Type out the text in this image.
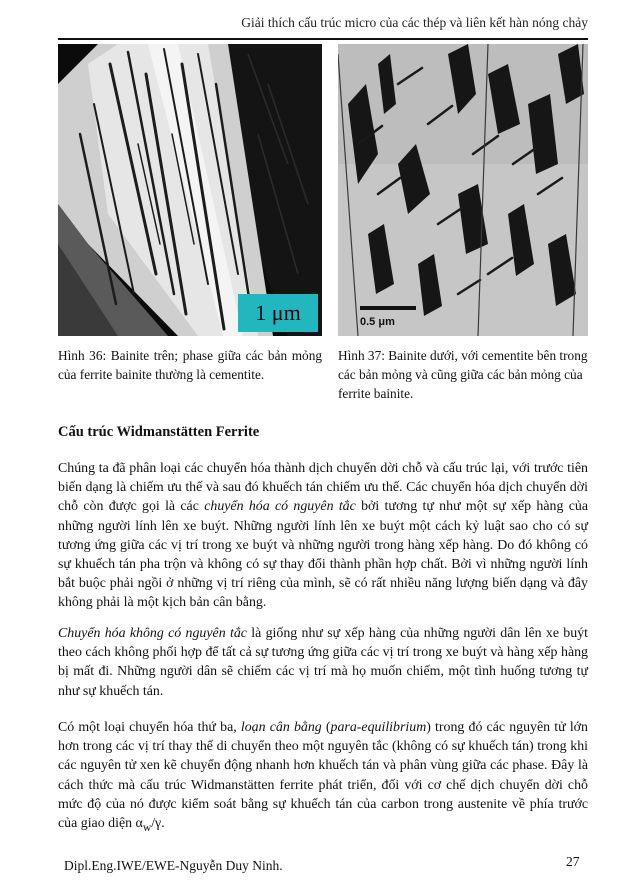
Giải thích cấu trúc micro của các thép và liên kết hàn nóng chảy
1 μm	0.5 μm
Hình 36: Bainite trên; phase giữa các bản mỏng của ferrite bainite thường là cementite.
Hình 37: Bainite dưới, với cementite bên trong các bản mỏng và cũng giữa các bản mỏng của ferrite bainite.
Cấu trúc Widmanstätten Ferrite

Chúng ta đã phân loại các chuyển hóa thành dịch chuyển dời chỗ và cấu trúc lại, với trước tiên biến dạng là chiếm ưu thế và sau đó khuếch tán chiếm ưu thế. Các chuyển hóa dịch chuyển dời chỗ còn được gọi là các chuyển hóa có nguyên tắc bởi tương tự như một sự xếp hàng của những người lính lên xe buýt. Những người lính lên xe buýt một cách kỷ luật sao cho có sự tương ứng giữa các vị trí trong xe buýt và những người trong hàng xếp hàng. Do đó không có sự khuếch tán pha trộn và không có sự thay đổi thành phần hợp chất. Bởi vì những người lính bắt buộc phải ngồi ở những vị trí riêng của mình, sẽ có rất nhiều năng lượng biến dạng và đây không phải là một kịch bản cân bằng.

Chuyển hóa không có nguyên tắc là giống như sự xếp hàng của những người dân lên xe buýt theo cách không phối hợp để tất cả sự tương ứng giữa các vị trí trong xe buýt và hàng xếp hàng bị mất đi. Những người dân sẽ chiếm các vị trí mà họ muốn chiếm, một tình huống tương tự như sự khuếch tán.

Có một loại chuyển hóa thứ ba, loạn cân bằng (para-equilibrium) trong đó các nguyên tử lớn hơn trong các vị trí thay thế di chuyển theo một nguyên tắc (không có sự khuếch tán) trong khi các nguyên tử xen kẽ chuyển động nhanh hơn khuếch tán và phân vùng giữa các phase. Đây là cách thức mà cấu trúc Widmanstätten ferrite phát triển, đối với cơ chế dịch chuyển dời chỗ mức độ của nó được kiểm soát bằng sự khuếch tán của carbon trong austenite về phía trước của giao diện $\alpha_w/\gamma$.

Dipl.Eng.IWE/EWE-Nguyễn Duy Ninh.	27
